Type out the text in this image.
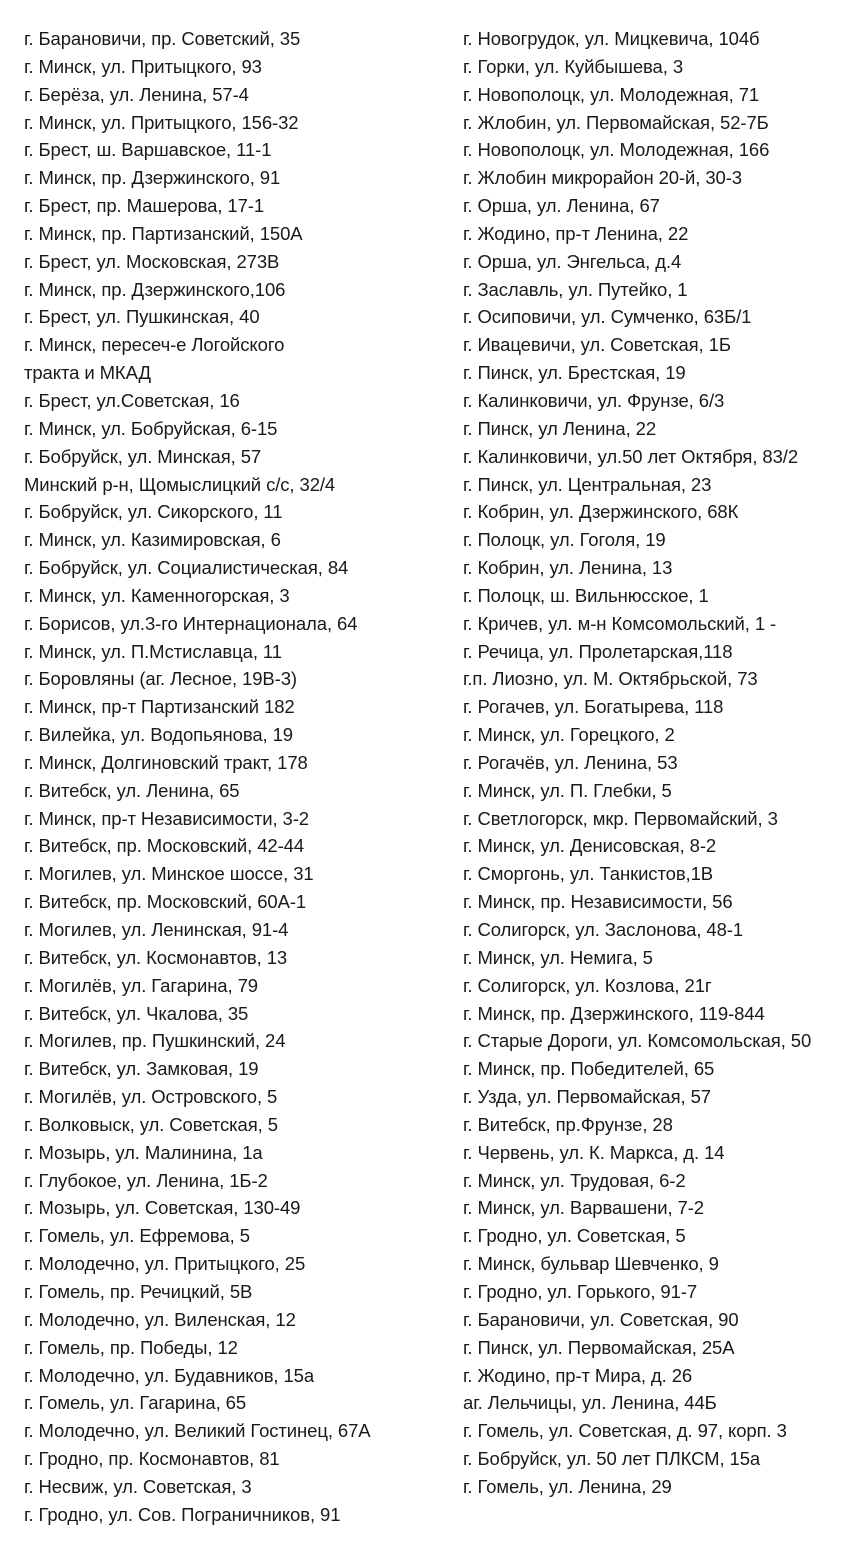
г. Барановичи, пр. Советский, 35
г. Минск, ул. Притыцкого, 93
г. Берёза, ул. Ленина, 57-4
г. Минск, ул. Притыцкого, 156-32
г. Брест, ш. Варшавское, 11-1
г. Минск, пр. Дзержинского, 91
г. Брест, пр. Машерова, 17-1
г. Минск, пр. Партизанский, 150А
г. Брест, ул. Московская, 273В
г. Минск, пр. Дзержинского,106
г. Брест, ул. Пушкинская, 40
г. Минск, пересеч-е Логойского
тракта и МКАД
г. Брест, ул.Советская, 16
г. Минск, ул. Бобруйская, 6-15
г. Бобруйск, ул. Минская, 57
Минский р-н, Щомыслицкий с/с, 32/4
г. Бобруйск, ул. Сикорского, 11
г. Минск, ул. Казимировская, 6
г. Бобруйск, ул. Социалистическая, 84
г. Минск, ул. Каменногорская, 3
г. Борисов, ул.3-го Интернационала, 64
г. Минск, ул. П.Мстиславца, 11
г. Боровляны (аг. Лесное, 19В-3)
г. Минск, пр-т Партизанский 182
г. Вилейка, ул. Водопьянова, 19
г. Минск, Долгиновский тракт, 178
г. Витебск, ул. Ленина, 65
г. Минск, пр-т Независимости, 3-2
г. Витебск, пр. Московский, 42-44
г. Могилев, ул. Минское шоссе, 31
г. Витебск, пр. Московский, 60А-1
г. Могилев, ул. Ленинская, 91-4
г. Витебск, ул. Космонавтов, 13
г. Могилёв, ул. Гагарина, 79
г. Витебск, ул. Чкалова, 35
г. Могилев, пр. Пушкинский, 24
г. Витебск, ул. Замковая, 19
г. Могилёв, ул. Островского, 5
г. Волковыск, ул. Советская, 5
г. Мозырь, ул. Малинина, 1а
г. Глубокое, ул. Ленина, 1Б-2
г. Мозырь, ул. Советская, 130-49
г. Гомель, ул. Ефремова, 5
г. Молодечно, ул. Притыцкого, 25
г. Гомель, пр. Речицкий, 5В
г. Молодечно, ул. Виленская, 12
г. Гомель, пр. Победы, 12
г. Молодечно, ул. Будавников, 15а
г. Гомель, ул. Гагарина, 65
г. Молодечно, ул. Великий Гостинец, 67А
г. Гродно, пр. Космонавтов, 81
г. Несвиж, ул. Советская, 3
г. Гродно, ул. Сов. Пограничников, 91
г. Новогрудок, ул. Мицкевича, 104б
г. Горки, ул. Куйбышева, 3
г. Новополоцк, ул. Молодежная, 71
г. Жлобин, ул. Первомайская, 52-7Б
г. Новополоцк, ул. Молодежная, 166
г. Жлобин микрорайон 20-й, 30-3
г. Орша, ул. Ленина, 67
г. Жодино, пр-т Ленина, 22
г. Орша, ул. Энгельса, д.4
г. Заславль, ул. Путейко, 1
г. Осиповичи, ул. Сумченко, 63Б/1
г. Ивацевичи, ул. Советская, 1Б
г. Пинск, ул. Брестская, 19
г. Калинковичи, ул. Фрунзе, 6/3
г. Пинск, ул Ленина, 22
г. Калинковичи, ул.50 лет Октября, 83/2
г. Пинск, ул. Центральная, 23
г. Кобрин, ул. Дзержинского, 68К
г. Полоцк, ул. Гоголя, 19
г. Кобрин, ул. Ленина, 13
г. Полоцк, ш. Вильнюсское, 1
г. Кричев, ул. м-н Комсомольский, 1 -
г. Речица, ул. Пролетарская,118
г.п. Лиозно, ул. М. Октябрьской, 73
г. Рогачев, ул. Богатырева, 118
г. Минск, ул. Горецкого, 2
г. Рогачёв, ул. Ленина, 53
г. Минск, ул. П. Глебки, 5
г. Светлогорск, мкр. Первомайский, 3
г. Минск, ул. Денисовская, 8-2
г. Сморгонь, ул. Танкистов,1В
г. Минск, пр. Независимости, 56
г. Солигорск, ул. Заслонова, 48-1
г. Минск, ул. Немига, 5
г. Солигорск, ул. Козлова, 21г
г. Минск, пр. Дзержинского, 119-844
г. Старые Дороги, ул. Комсомольская, 50
г. Минск, пр. Победителей, 65
г. Узда, ул. Первомайская, 57
г. Витебск, пр.Фрунзе, 28
г. Червень, ул. К. Маркса, д. 14
г. Минск, ул. Трудовая, 6-2
г. Минск, ул. Варвашени, 7-2
г. Гродно, ул. Советская, 5
г. Минск, бульвар Шевченко, 9
г. Гродно, ул. Горького, 91-7
г. Барановичи, ул. Советская, 90
г. Пинск, ул. Первомайская, 25А
г. Жодино, пр-т Мира, д. 26
аг. Лельчицы, ул. Ленина, 44Б
г. Гомель, ул. Советская, д. 97, корп. 3
г. Бобруйск, ул. 50 лет ПЛКСМ, 15а
г. Гомель, ул. Ленина, 29
